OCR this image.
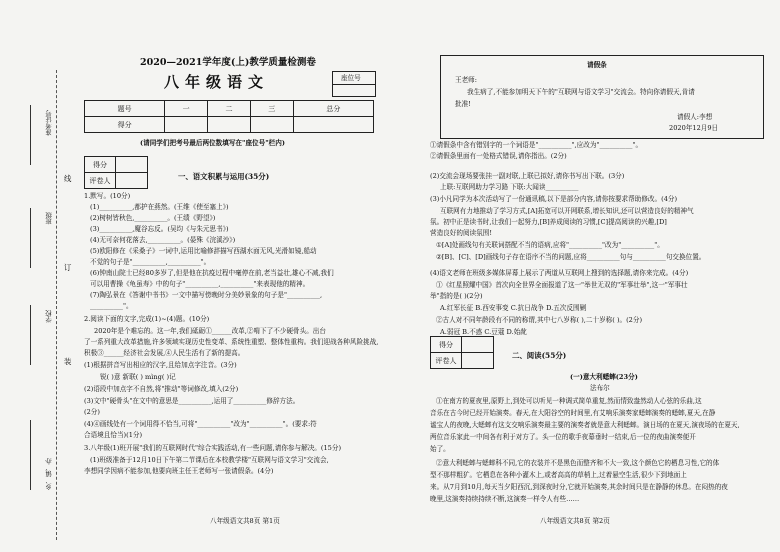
准考证号
班级
学校
乡、镇、办
线
订
装
2020—2021学年度(上)教学质量检测卷
八年级语文	座位号
题号	一	二	三	总分
得分				
(请同学们把考号最后两位数填写在"座位号"栏内)
得分	
评卷人		一、语文积累与运用(35分)
1.默写。(10分)
(1)__________,都护在燕然。(王维《使至塞上》)
(2)树树皆秋色,__________。(王绩《野望》)
(3)__________,魔谷忘反。(吴均《与朱元思书》)
(4)无可奈何花落去,__________。(晏殊《浣溪沙》)
(5)欧阳修在《采桑子》一词中,运用比喻修辞描写西湖水面无风,光滑如镜,船动
不觉的句子是"__________,__________"。
(6)钟南山院士已经80多岁了,但是他在抗疫过程中毫停在前,老当益壮,雄心不减,我们
可以用曹操《龟虽寿》中的句子"__________,__________"来表现他的精神。
(7)陶弘景在《答谢中书书》一文中描写傍晚时分美妙景象的句子是"__________,
__________"。
2.阅读下面的文字,完成(1)~(4)题。(10分)
2020年是个难忘的。这一年,我们砥砺①______改革,②啃下了不少硬骨头。出台
了一系列重大改革措施,许多领域实现历史性变革、系统性重塑、整体性重构。我们迎战各种风险挑战,
积极③______经济社会发展,④人民生活有了新的提高。
(1)根据拼音写出相应的汉字,且给加点字注音。(3分)
锐( )意 新联( ) mìng( )记
(2)语段中加点字不自然,将"推动"等词修改,填入(2分)
(3)文中"硬骨头"在文中的意思是__________,运用了__________修辞方法。
(2分)
(4)④画线处有一个词用得不恰当,可将"__________"改为"__________"。(要求:符
合语境且恰当)(1分)
3.八年级(1)班开展"我们的互联网时代"综合实践活动,有一些问题,请你参与解决。(15分)
(1)班级准备于12月10日下午第二节课后在本校教学楼"互联网与语文学习"交流会,
李想同学因病不能参加,他要向班主任王老师写一张请假条。(4分)
八年级语文共8页 第1页
请假条
王老师:
我生病了,不能参加明天下午的"互联网与语文学习"交流会。特向你请假天,肯请
批准!
请假人:李想
2020年12月9日
①请假条中含有错别字的一个词语是"__________",应改为"__________"。
②请假条里面有一处格式错误,请你指出。(2分)
(2)交流会现场要张挂一副对联,上联已拟好,请你书写出下联。(3分)
上联:互联网助力学习路 下联:大闻读__________
(3)小凡同学为本次活动写了一份通讯稿,以下是部分内容,请你按要求帮助修改。(4分)
互联网有力地推动了学习方式,[A]拓宽可以开网联系,增长知识,还可以营造良好的精神气
氛。初中正是读书时,让我们一起努力,[B]养成阅读的习惯,[C]提高阅读的兴趣,[D]
营造良好的阅读氛围!
①[A]处画线句有关联词搭配不当的语病,应将"__________"改为"__________"。
②[B]、[C]、[D]画线句子存在语序不当的问题,应将__________句与__________句交换位置。
(4)语文老师在班级多媒体屏幕上展示了两道从互联网上搜到的选择题,请你来完成。(4分)
①《红星照耀中国》首次向全世界全面报道了这一"举世无双的"军事壮举",这一"军事壮
举"指的是( )(2分)
A.红军长征 B.西安事变 C.抗日战争 D.五次反围剿
②古人对不同年龄段有不同的称谓,其中七八岁称( ),二十岁称( )。(2分)
A.弱冠 B.不惑 C.豆蔻 D.始龀
得分	
评卷人	
二、阅读(55分)
(一)意大利蟋蟀(23分)
法布尔
①在南方的夏夜里,原野上,到处可以听见一种调式简单重复,然而情致盎然动人心弦的乐曲,这
音乐在古今时已经开始演奏。春天,在大阳谷空的时间里,有艾响乐演奏家蟋蟀演奏的蟋蟀,夏天,在静
谧宝人的夜晚,大蟋蟀有这支交响乐演奏最主要的演奏者就是意大利蟋蟀。演日场的在夏天,演夜场的在夏天,
两位音乐家此一中间各有利于对方了。头一位的歌手夜幕垂时一结束,后一位的夜曲演奏便开
始了。
②意大利蟋蟀与蟋蟀科不同,它的衣装并不是黑色而整齐和不大一致,这个颜色它的栖息习性,它的体
型不那样粗犷。它栖息在各种小灌木上,或者高高的草梢上,过着悬空生活,很少下到地面上
来。从7月到10月,每天当夕阳西沉,到深夜时分,它就开始演奏,其余时间只是在静静的休息。在闷热的夜
晚里,这演奏持续持续不断,这演奏一样令人有些……
八年级语文共8页 第2页
